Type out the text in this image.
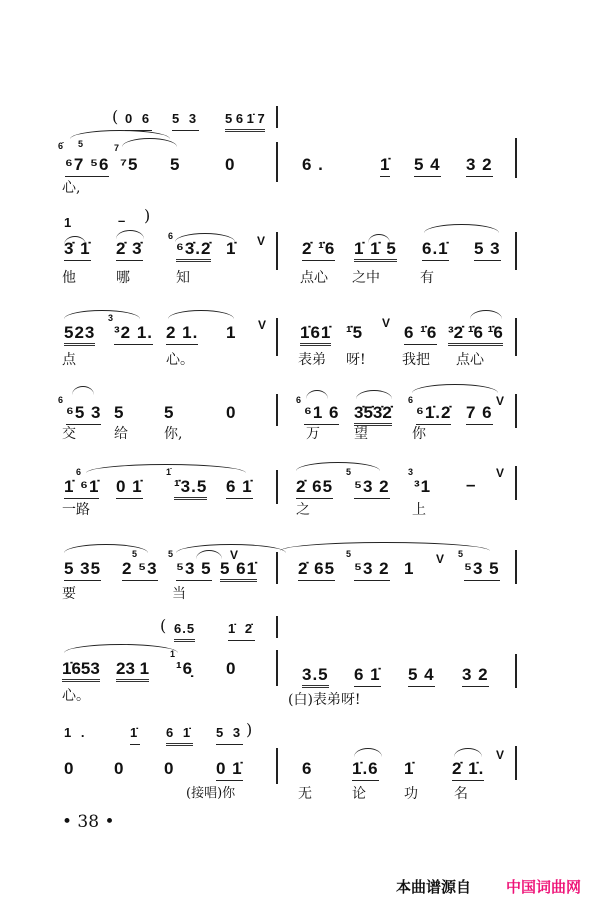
( 0 6 5 3 5 6 1̇ 7
6̇ 5
⁶7 ⁵6
7
⁷5 5	0
心,
6 .	1̇ 5 4 3 2
1	– )
3̇ 1̇ 2̇ 3̇
6
⁶3̇.2̇ 1̇ V
他	哪	知
2̇ ¹̇6 1̇ 1̇ 5 6.1̇ 5 3
点心 之中	有
523
3
³2 1. 2 1. 1 V
点	心。
1̇61̇ ¹̇5 V 6 ¹̇6 ³2̇ ¹̇6 ¹̇6
表弟 呀!	我把 点心
6
⁶5 3 5 5	0
交	给	你,
6
⁶1 6 3̇5̇3̇2̇
6
⁶1̇.2̇ 7 6
V
万 望	你
6
1̇ ⁶1̇ 0 1̇
1̇
¹̇3.5 6 1̇
一路
2̇ 65
5
⁵3 2
3
³1 –
V
之	上
5 35
5
2 ⁵3
5
⁵3 5 5 61̇
V
要	当
2̇ 65
5
⁵3 2 1 V 5
⁵3 5
( 6.5	1̇ 2̇
1̇653 23 1
1
¹6̣ 0
心。
3.5 6 1̇ 5 4 3 2
(白)表弟呀!
1 .	1̇ 6 1̇ 5 3 )
0 0 0 0 1̇
(接唱)你
6 1̇.6 1̇ 2̇ 1̇.
V
无	论	功	名
• 38 •
本曲谱源自 中国词曲网
